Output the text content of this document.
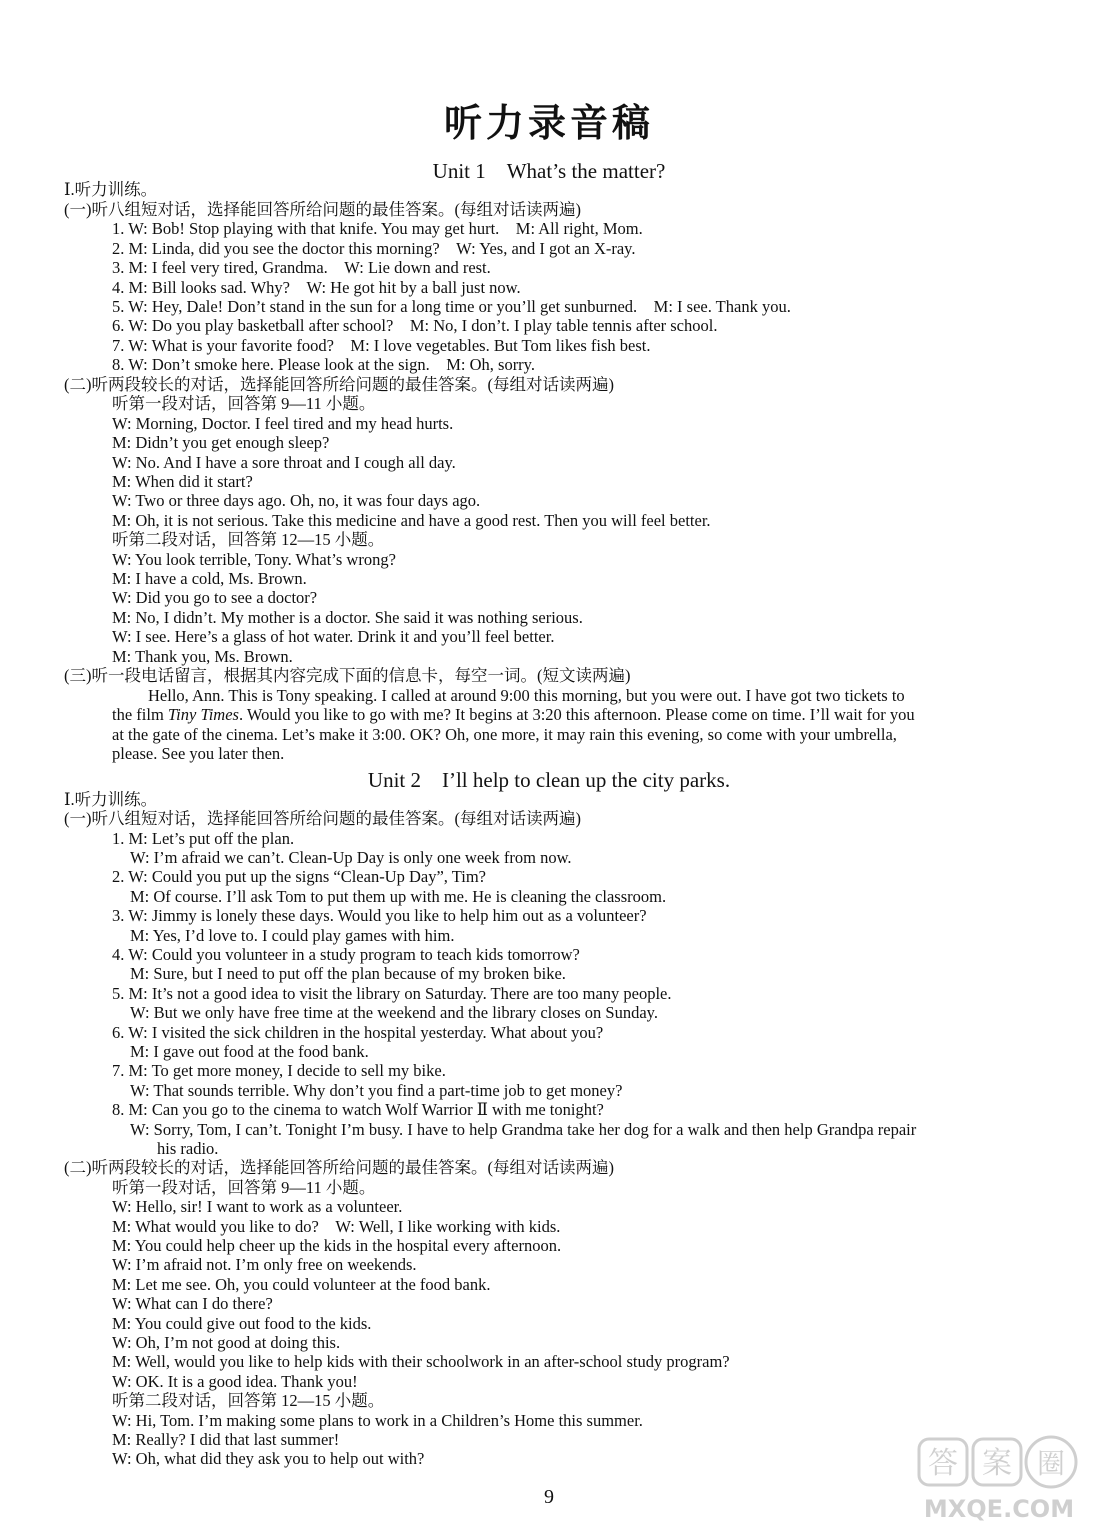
听力录音稿
Unit 1　What’s the matter?
Ⅰ.听力训练。
(一)听八组短对话，选择能回答所给问题的最佳答案。(每组对话读两遍)
1. W: Bob! Stop playing with that knife. You may get hurt.　M: All right, Mom.
2. M: Linda, did you see the doctor this morning?　W: Yes, and I got an X-ray.
3. M: I feel very tired, Grandma.　W: Lie down and rest.
4. M: Bill looks sad. Why?　W: He got hit by a ball just now.
5. W: Hey, Dale! Don’t stand in the sun for a long time or you’ll get sunburned.　M: I see. Thank you.
6. W: Do you play basketball after school?　M: No, I don’t. I play table tennis after school.
7. W: What is your favorite food?　M: I love vegetables. But Tom likes fish best.
8. W: Don’t smoke here. Please look at the sign.　M: Oh, sorry.
(二)听两段较长的对话，选择能回答所给问题的最佳答案。(每组对话读两遍)
听第一段对话，回答第 9—11 小题。
W: Morning, Doctor. I feel tired and my head hurts.
M: Didn’t you get enough sleep?
W: No. And I have a sore throat and I cough all day.
M: When did it start?
W: Two or three days ago. Oh, no, it was four days ago.
M: Oh, it is not serious. Take this medicine and have a good rest. Then you will feel better.
听第二段对话，回答第 12—15 小题。
W: You look terrible, Tony. What’s wrong?
M: I have a cold, Ms. Brown.
W: Did you go to see a doctor?
M: No, I didn’t. My mother is a doctor. She said it was nothing serious.
W: I see. Here’s a glass of hot water. Drink it and you’ll feel better.
M: Thank you, Ms. Brown.
(三)听一段电话留言，根据其内容完成下面的信息卡，每空一词。(短文读两遍)
Hello, Ann. This is Tony speaking. I called at around 9:00 this morning, but you were out. I have got two tickets to
the film Tiny Times. Would you like to go with me? It begins at 3:20 this afternoon. Please come on time. I’ll wait for you
at the gate of the cinema. Let’s make it 3:00. OK? Oh, one more, it may rain this evening, so come with your umbrella,
please. See you later then.
Unit 2　I’ll help to clean up the city parks.
Ⅰ.听力训练。
(一)听八组短对话，选择能回答所给问题的最佳答案。(每组对话读两遍)
1. M: Let’s put off the plan.
W: I’m afraid we can’t. Clean-Up Day is only one week from now.
2. W: Could you put up the signs “Clean-Up Day”, Tim?
M: Of course. I’ll ask Tom to put them up with me. He is cleaning the classroom.
3. W: Jimmy is lonely these days. Would you like to help him out as a volunteer?
M: Yes, I’d love to. I could play games with him.
4. W: Could you volunteer in a study program to teach kids tomorrow?
M: Sure, but I need to put off the plan because of my broken bike.
5. M: It’s not a good idea to visit the library on Saturday. There are too many people.
W: But we only have free time at the weekend and the library closes on Sunday.
6. W: I visited the sick children in the hospital yesterday. What about you?
M: I gave out food at the food bank.
7. M: To get more money, I decide to sell my bike.
W: That sounds terrible. Why don’t you find a part-time job to get money?
8. M: Can you go to the cinema to watch Wolf Warrior Ⅱ with me tonight?
W: Sorry, Tom, I can’t. Tonight I’m busy. I have to help Grandma take her dog for a walk and then help Grandpa repair
his radio.
(二)听两段较长的对话，选择能回答所给问题的最佳答案。(每组对话读两遍)
听第一段对话，回答第 9—11 小题。
W: Hello, sir! I want to work as a volunteer.
M: What would you like to do?　W: Well, I like working with kids.
M: You could help cheer up the kids in the hospital every afternoon.
W: I’m afraid not. I’m only free on weekends.
M: Let me see. Oh, you could volunteer at the food bank.
W: What can I do there?
M: You could give out food to the kids.
W: Oh, I’m not good at doing this.
M: Well, would you like to help kids with their schoolwork in an after-school study program?
W: OK. It is a good idea. Thank you!
听第二段对话，回答第 12—15 小题。
W: Hi, Tom. I’m making some plans to work in a Children’s Home this summer.
M: Really? I did that last summer!
W: Oh, what did they ask you to help out with?
9
答 案 圈
MXQE.COM
